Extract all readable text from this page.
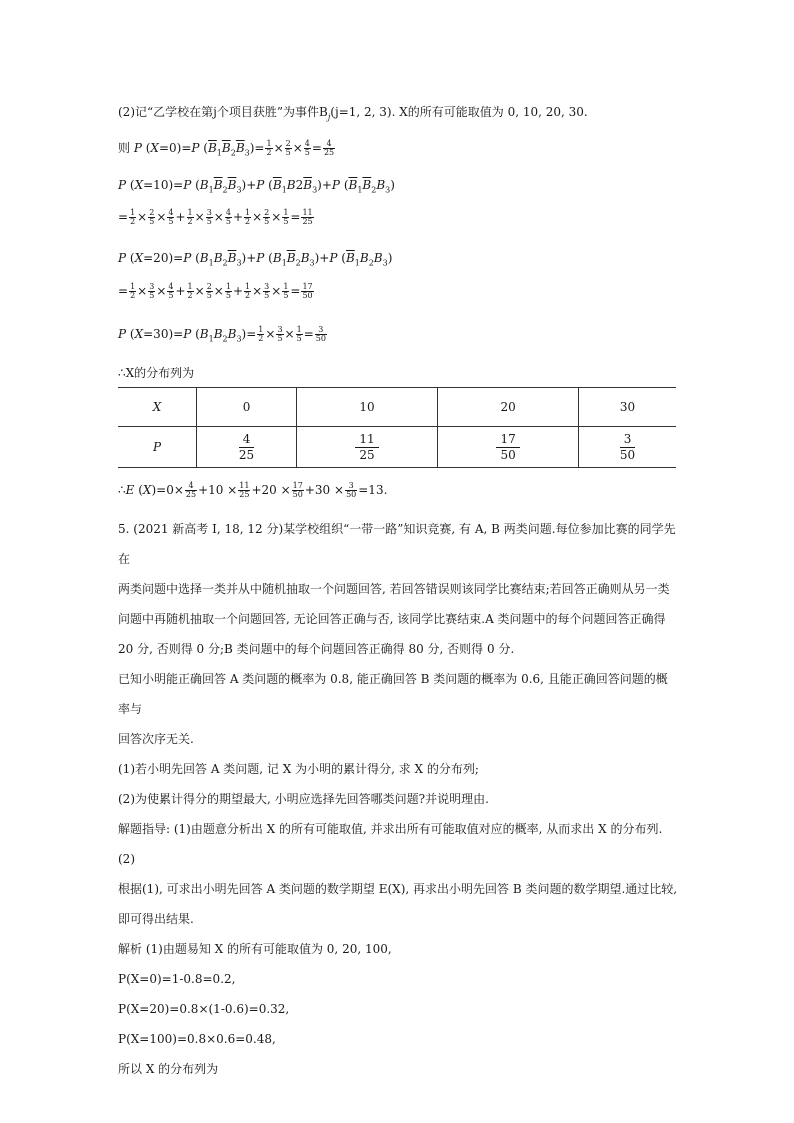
(2)记“乙学校在第j个项目获胜”为事件$B_j(j=1$, 2, 3). X的所有可能取值为 0, 10, 20, 30.
则 P (X=0)=P $(\overline{B}_1\overline{B}_2\overline{B}_3)= \frac{1}{2} \times \frac{2}{5} \times \frac{4}{5} = \frac{4}{25}$
P (X=10)=P $(B_1\overline{B}_2\overline{B}_3)+P$ $(\overline{B}_1B2\overline{B}_3)+P$ $(\overline{B}_1\overline{B}_2B_3)$
= $\frac{1}{2} \times \frac{2}{5} \times \frac{4}{5} + \frac{1}{2} \times \frac{3}{5} \times \frac{4}{5} + \frac{1}{2} \times \frac{2}{5} \times \frac{1}{5} = \frac{11}{25}$
P (X=20)=P $(B_1B_2\overline{B}_3)+P$ $(B_1\overline{B}_2B_3)+P$ $(\overline{B}_1B_2B_3)$
= $\frac{1}{2} \times \frac{3}{5} \times \frac{4}{5} + \frac{1}{2} \times \frac{2}{5} \times \frac{1}{5} + \frac{1}{2} \times \frac{3}{5} \times \frac{1}{5} = \frac{17}{50}$
P (X=30)=P $(B_1B_2B_3)= \frac{1}{2} \times \frac{3}{5} \times \frac{1}{5} = \frac{3}{50}$
∴X的分布列为
X	0	10	20	30
P	$\frac{4}{25}$	$\frac{11}{25}$	$\frac{17}{50}$	$\frac{3}{50}$
∴E $(X)=0\times \frac{4}{25} +10 \times \frac{11}{25} +20 \times \frac{17}{50} +30 \times \frac{3}{50} =13$.
5. (2021 新高考 Ⅰ, 18, 12 分)某学校组织“一带一路”知识竞赛, 有 A, B 两类问题.每位参加比赛的同学先在
两类问题中选择一类并从中随机抽取一个问题回答, 若回答错误则该同学比赛结束;若回答正确则从另一类
问题中再随机抽取一个问题回答, 无论回答正确与否, 该同学比赛结束.A 类问题中的每个问题回答正确得
20 分, 否则得 0 分;B 类问题中的每个问题回答正确得 80 分, 否则得 0 分.
已知小明能正确回答 A 类问题的概率为 0.8, 能正确回答 B 类问题的概率为 0.6, 且能正确回答问题的概率与
回答次序无关.
(1)若小明先回答 A 类问题, 记 X 为小明的累计得分, 求 X 的分布列;
(2)为使累计得分的期望最大, 小明应选择先回答哪类问题?并说明理由.
解题指导: (1)由题意分析出 X 的所有可能取值, 并求出所有可能取值对应的概率, 从而求出 X 的分布列. (2)
根据(1), 可求出小明先回答 A 类问题的数学期望 E(X), 再求出小明先回答 B 类问题的数学期望.通过比较,
即可得出结果.
解析 (1)由题易知 X 的所有可能取值为 0, 20, 100,
P(X=0)=1-0.8=0.2,
P(X=20)=0.8×(1-0.6)=0.32,
P(X=100)=0.8×0.6=0.48,
所以 X 的分布列为
